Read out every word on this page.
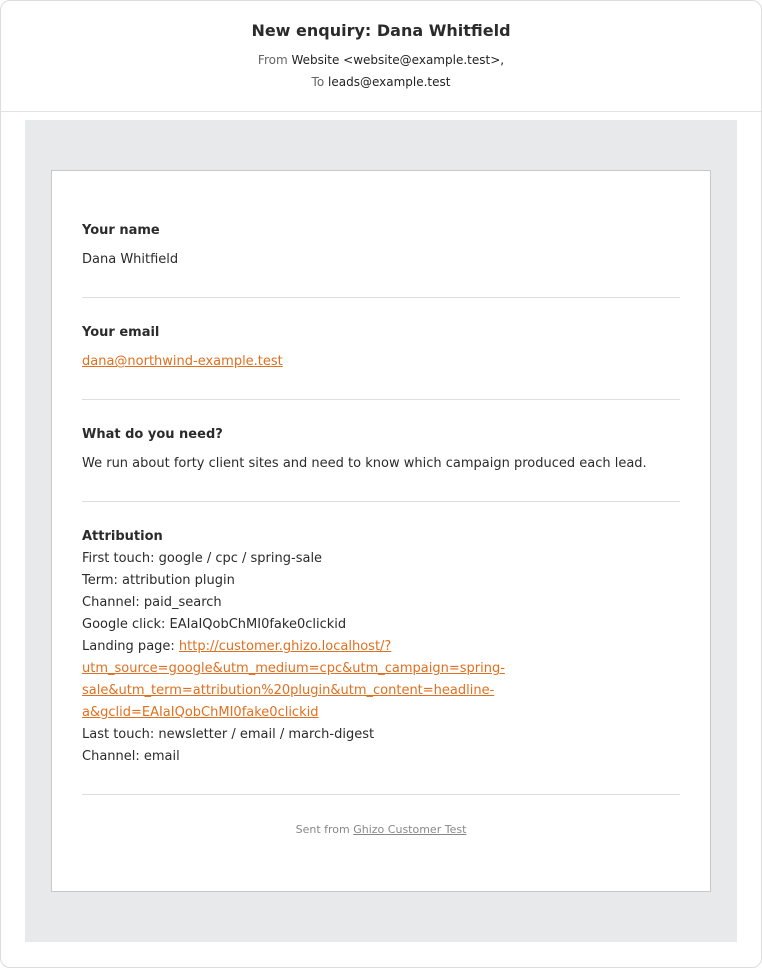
New enquiry: Dana Whitfield
From Website <website@example.test>,
To leads@example.test
Your name
Dana Whitfield
Your email
dana@northwind-example.test
What do you need?
We run about forty client sites and need to know which campaign produced each lead.
Attribution
First touch: google / cpc / spring-sale
Term: attribution plugin
Channel: paid_search
Google click: EAIaIQobChMI0fake0clickid
Landing page: http://customer.ghizo.localhost/?
utm_source=google&utm_medium=cpc&utm_campaign=spring-
sale&utm_term=attribution%20plugin&utm_content=headline-
a&gclid=EAIaIQobChMI0fake0clickid
Last touch: newsletter / email / march-digest
Channel: email
Sent from Ghizo Customer Test
